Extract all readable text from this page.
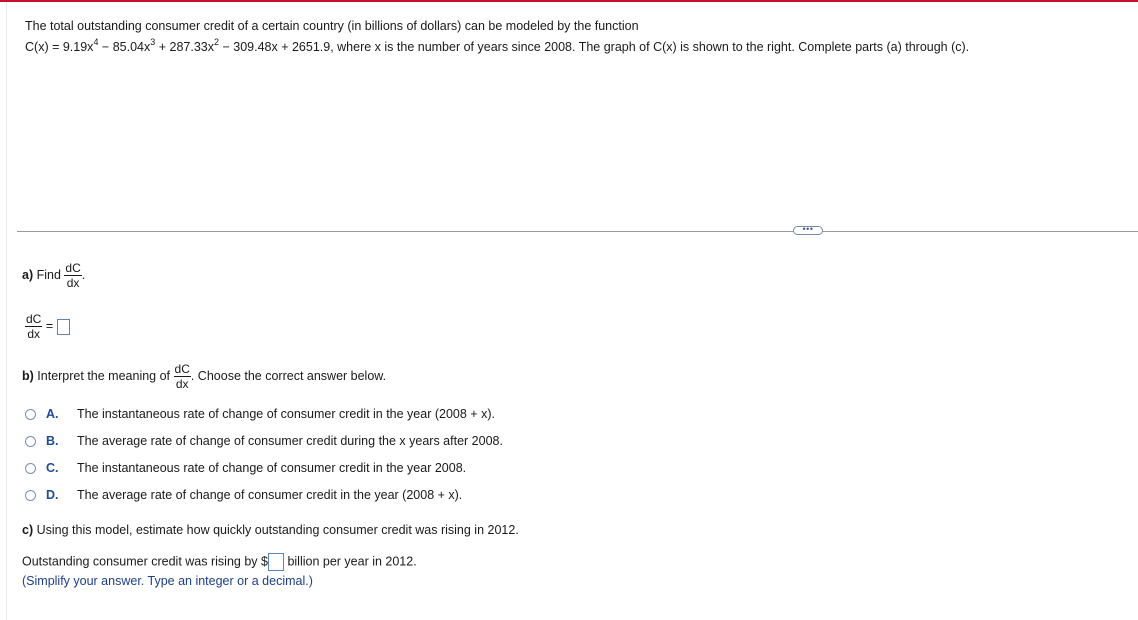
The total outstanding consumer credit of a certain country (in billions of dollars) can be modeled by the function

$C(x) = 9.19x^4 - 85.04x^3 + 287.33x^2 - 309.48x + 2651.9$, where x is the number of years since 2008. The graph of C(x) is shown to the right. Complete parts (a) through (c).

•••
a) Find $\frac{dC}{dx}$ .
$\frac{dC}{dx}$ =
b) Interpret the meaning of $\frac{dC}{dx}$ . Choose the correct answer below.
A.	The instantaneous rate of change of consumer credit in the year (2008 + x).
B.	The average rate of change of consumer credit during the x years after 2008.
C.	The instantaneous rate of change of consumer credit in the year 2008.
D.	The average rate of change of consumer credit in the year (2008 + x).
c) Using this model, estimate how quickly outstanding consumer credit was rising in 2012.
Outstanding consumer credit was rising by $ billion per year in 2012.
(Simplify your answer. Type an integer or a decimal.)
